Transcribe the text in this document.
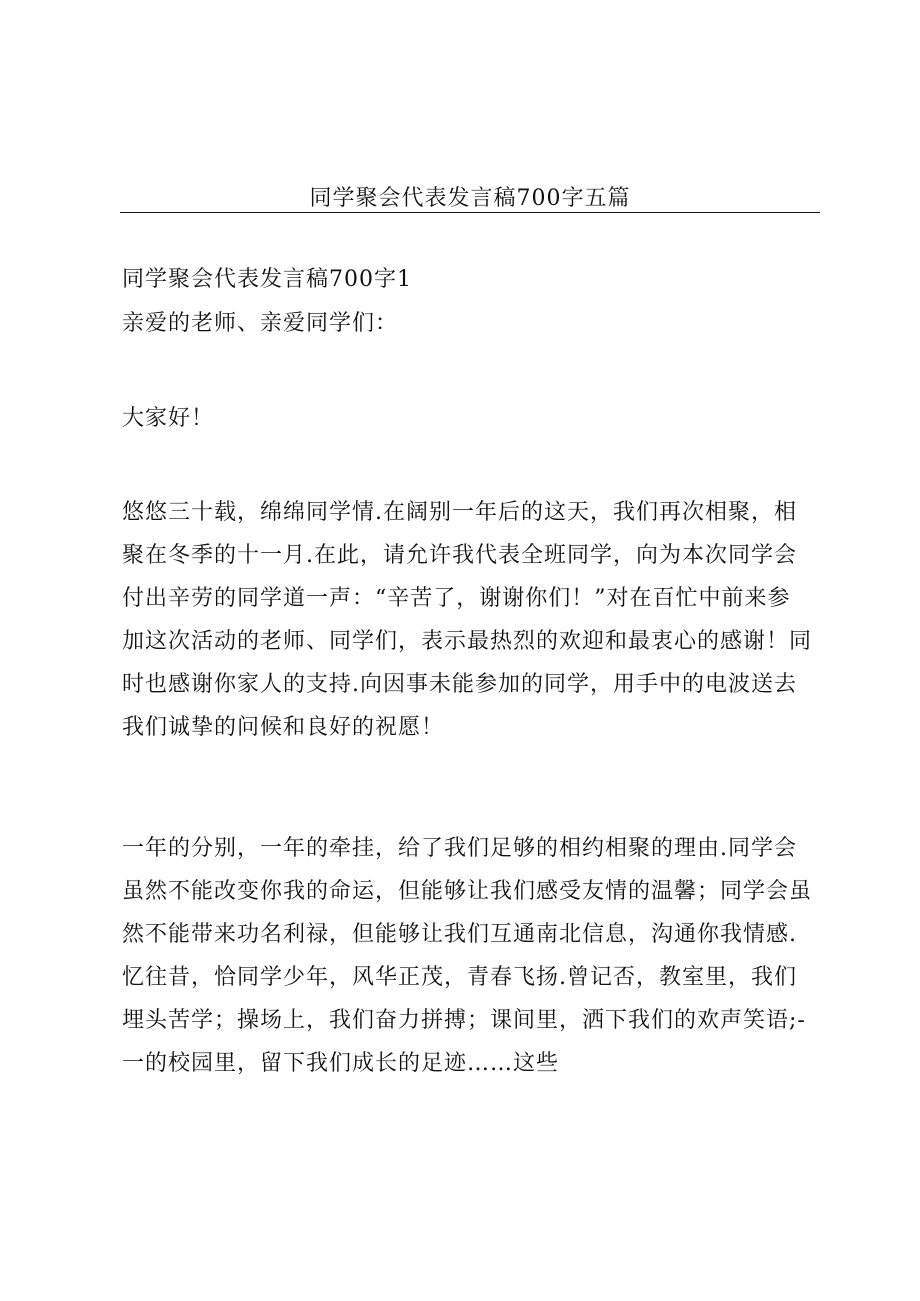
同学聚会代表发言稿700字五篇

同学聚会代表发言稿700字1

亲爱的老师、亲爱同学们：

大家好！

悠悠三十载，绵绵同学情.在阔别一年后的这天，我们再次相聚，相
聚在冬季的十一月.在此，请允许我代表全班同学，向为本次同学会
付出辛劳的同学道一声：“辛苦了，谢谢你们！”对在百忙中前来参
加这次活动的老师、同学们，表示最热烈的欢迎和最衷心的感谢！同
时也感谢你家人的支持.向因事未能参加的同学，用手中的电波送去
我们诚挚的问候和良好的祝愿！
一年的分别，一年的牵挂，给了我们足够的相约相聚的理由.同学会
虽然不能改变你我的命运，但能够让我们感受友情的温馨；同学会虽
然不能带来功名利禄，但能够让我们互通南北信息，沟通你我情感.
忆往昔，恰同学少年，风华正茂，青春飞扬.曾记否，教室里，我们
埋头苦学；操场上，我们奋力拼搏；课间里，洒下我们的欢声笑语;-
一的校园里，留下我们成长的足迹……这些
